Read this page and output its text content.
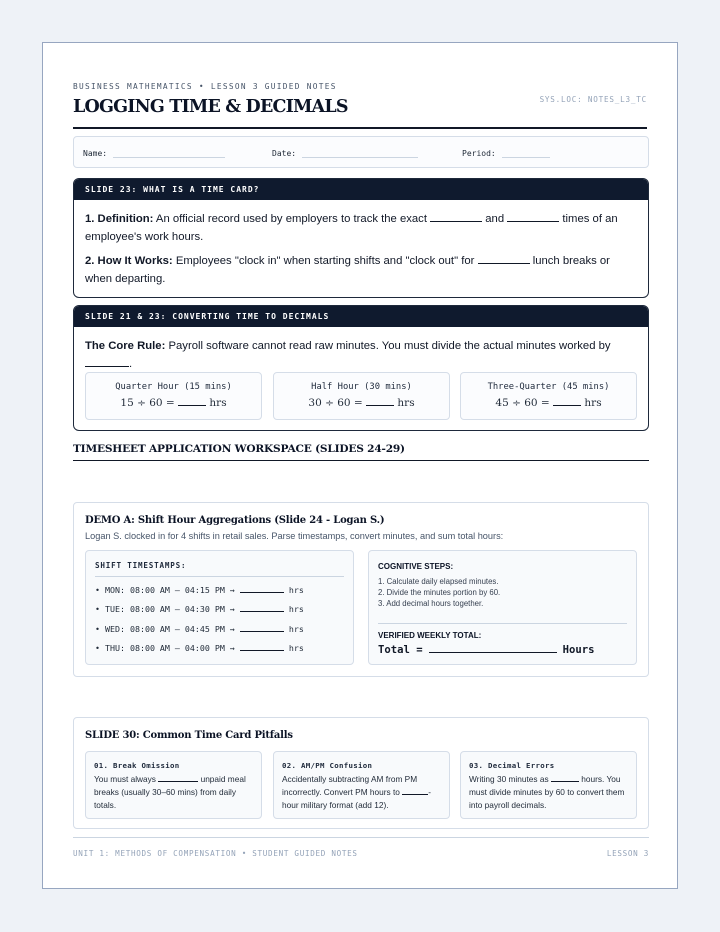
BUSINESS MATHEMATICS • LESSON 3 GUIDED NOTES
LOGGING TIME & DECIMALS	SYS.LOC: NOTES_L3_TC
Name:	Date:	Period:
SLIDE 23: WHAT IS A TIME CARD?

1. Definition: An official record used by employers to track the exact	and	times of an employee's work hours.

2. How It Works: Employees "clock in" when starting shifts and "clock out" for	lunch breaks or when departing.

SLIDE 21 & 23: CONVERTING TIME TO DECIMALS

The Core Rule: Payroll software cannot read raw minutes. You must divide the actual minutes worked by .

Quarter Hour (15 mins)
15 ÷ 60 =	hrs
Half Hour (30 mins)
30 ÷ 60 =	hrs
Three-Quarter (45 mins)
45 ÷ 60 =	hrs
TIMESHEET APPLICATION WORKSPACE (SLIDES 24-29)
DEMO A: Shift Hour Aggregations (Slide 24 - Logan S.)
Logan S. clocked in for 4 shifts in retail sales. Parse timestamps, convert minutes, and sum total hours:
SHIFT TIMESTAMPS:
• MON: 08:00 AM – 04:15 PM →	hrs
• TUE: 08:00 AM – 04:30 PM →	hrs
• WED: 08:00 AM – 04:45 PM →	hrs
• THU: 08:00 AM – 04:00 PM →	hrs
COGNITIVE STEPS:
1. Calculate daily elapsed minutes.
2. Divide the minutes portion by 60.
3. Add decimal hours together.
VERIFIED WEEKLY TOTAL:
Total =	Hours
SLIDE 30: Common Time Card Pitfalls
01. Break Omission
You must always	unpaid meal breaks (usually 30–60 mins) from daily totals.
02. AM/PM Confusion
Accidentally subtracting AM from PM incorrectly. Convert PM hours to	-hour military format (add 12).
03. Decimal Errors
Writing 30 minutes as	hours. You must divide minutes by 60 to convert them into payroll decimals.
UNIT 1: METHODS OF COMPENSATION • STUDENT GUIDED NOTES	LESSON 3
